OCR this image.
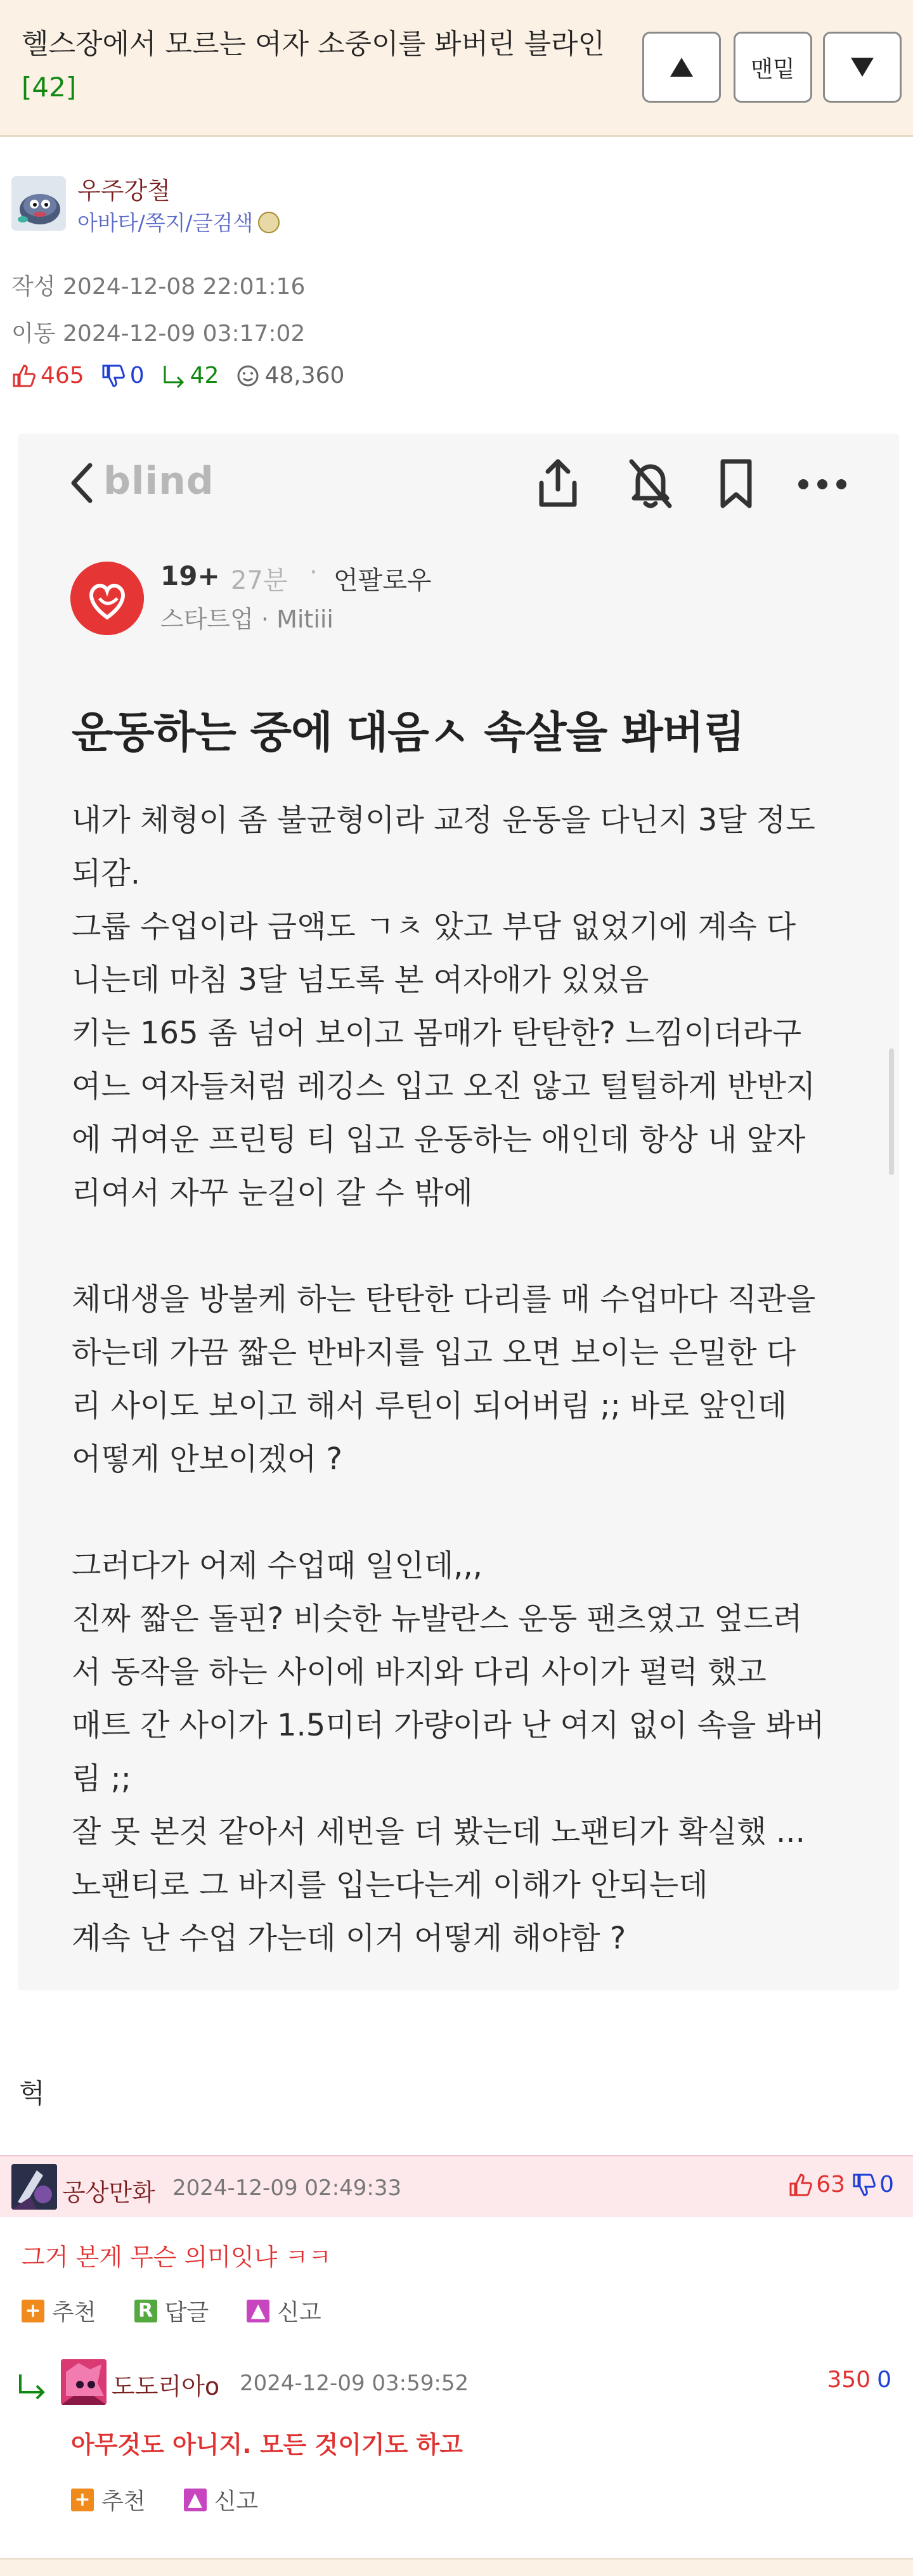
헬스장에서 모르는 여자 소중이를 봐버린 블라인
[42]
맨밑
우주강철
아바타/쪽지/글검색
작성 2024-12-08 22:01:16
이동 2024-12-09 03:17:02
465 0 42 48,360
blind
19+ 27분 · 언팔로우
스타트업 · Mitiii
운동하는 중에 대음ㅅ 속살을 봐버림
내가 체형이 좀 불균형이라 교정 운동을 다닌지 3달 정도
되감.
그룹 수업이라 금액도 ㄱㅊ 았고 부담 없었기에 계속 다
니는데 마침 3달 넘도록 본 여자애가 있었음
키는 165 좀 넘어 보이고 몸매가 탄탄한? 느낌이더라구
여느 여자들처럼 레깅스 입고 오진 않고 털털하게 반반지
에 귀여운 프린팅 티 입고 운동하는 애인데 항상 내 앞자
리여서 자꾸 눈길이 갈 수 밖에
체대생을 방불케 하는 탄탄한 다리를 매 수업마다 직관을
하는데 가끔 짧은 반바지를 입고 오면 보이는 은밀한 다
리 사이도 보이고 해서 루틴이 되어버림 ;; 바로 앞인데
어떻게 안보이겠어 ?
그러다가 어제 수업때 일인데,,,
진짜 짧은 돌핀? 비슷한 뉴발란스 운동 팬츠였고 엎드려
서 동작을 하는 사이에 바지와 다리 사이가 펄럭 했고
매트 간 사이가 1.5미터 가량이라 난 여지 없이 속을 봐버
림 ;;
잘 못 본것 같아서 세번을 더 봤는데 노팬티가 확실했 ...
노팬티로 그 바지를 입는다는게 이해가 안되는데
계속 난 수업 가는데 이거 어떻게 해야함 ?
헉
공상만화 2024-12-09 02:49:33	63 0
그거 본게 무슨 의미잇냐 ㅋㅋ
+ 추천 R 답글 ▲ 신고
도도리아o 2024-12-09 03:59:52	350 0
아무것도 아니지. 모든 것이기도 하고
+ 추천 ▲ 신고
